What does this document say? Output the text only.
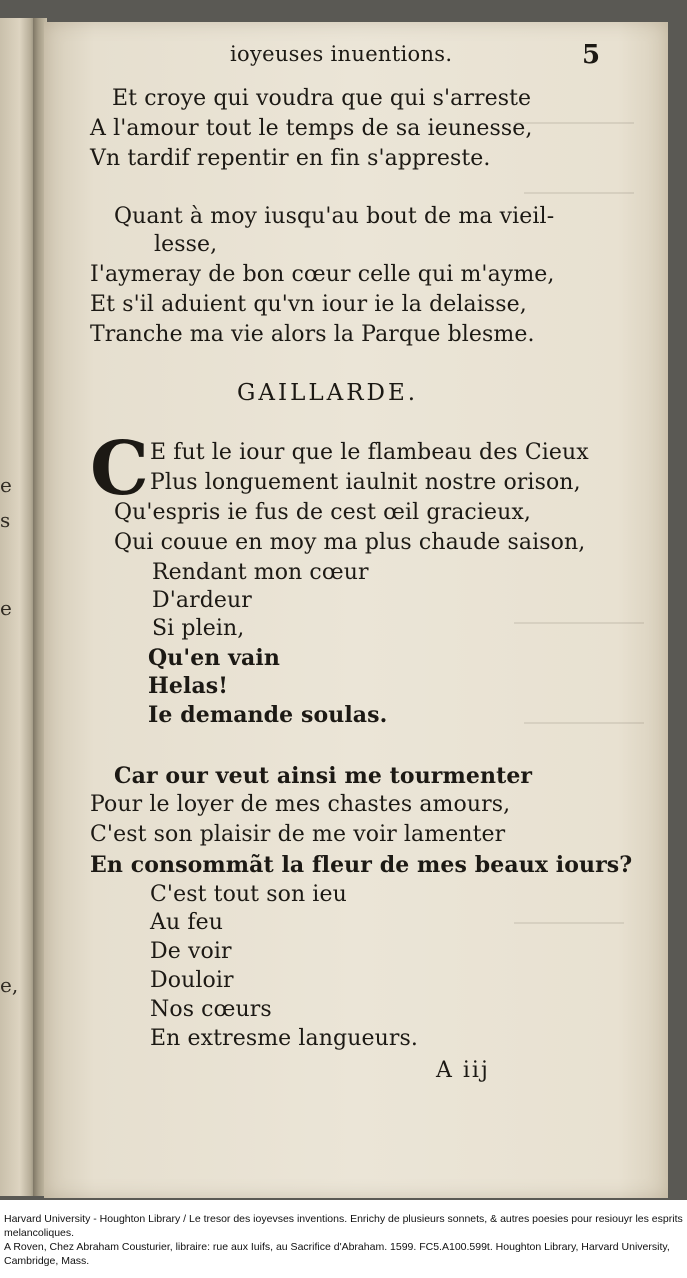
e
s
e
e,
ioyeuses inuentions.	5
Et croye qui voudra que qui s'arreste
A l'amour tout le temps de sa ieunesse,
Vn tardif repentir en fin s'appreste.
Quant à moy iusqu'au bout de ma vieil-
lesse,
I'aymeray de bon cœur celle qui m'ayme,
Et s'il aduient qu'vn iour ie la delaisse,
Tranche ma vie alors la Parque blesme.
GAILLARDE.
C E fut le iour que le flambeau des Cieux
Plus longuement iaulnit nostre orison,
Qu'espris ie fus de cest œil gracieux,
Qui couue en moy ma plus chaude saison,
Rendant mon cœur
D'ardeur
Si plein,
Qu'en vain
Helas!
Ie demande soulas.
Car our veut ainsi me tourmenter
Pour le loyer de mes chastes amours,
C'est son plaisir de me voir lamenter
En consommãt la fleur de mes beaux iours?
C'est tout son ieu
Au feu
De voir
Douloir
Nos cœurs
En extresme langueurs.
A iij
Harvard University - Houghton Library / Le tresor des ioyevses inventions. Enrichy de plusieurs sonnets, & autres poesies pour resiouyr les esprits melancoliques.
A Roven, Chez Abraham Cousturier, libraire: rue aux Iuifs, au Sacrifice d'Abraham. 1599. FC5.A100.599t. Houghton Library, Harvard University, Cambridge, Mass.
